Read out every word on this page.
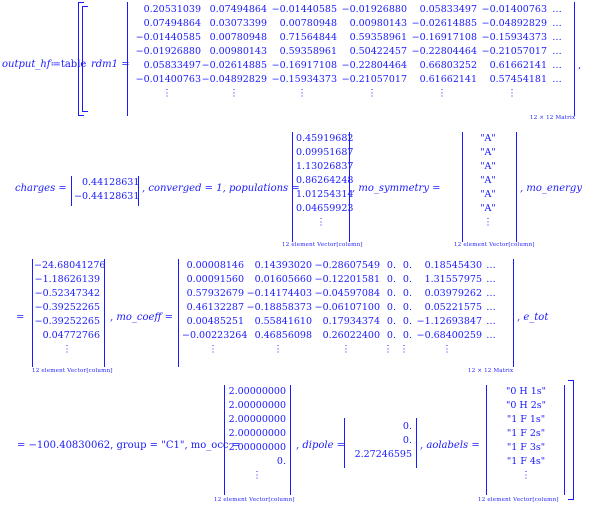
output_hf≔table rdm1 =
0.20531039 0.07494864 −0.01440585 −0.01926880	0.05833497 −0.01400763 …
0.07494864 0.03073399	0.00780948	0.00980143 −0.02614885 −0.04892829 …
−0.01440585 0.00780948	0.71564844	0.59358961 −0.16917108 −0.15934373 …
−0.01926880 0.00980143	0.59358961	0.50422457 −0.22804464 −0.21057017 …
0.05833497 −0.02614885 −0.16917108 −0.22804464	0.66803252	0.61662141 …
−0.01400763 −0.04892829 −0.15934373 −0.21057017	0.61662141	0.57454181 …
⋮	⋮	⋮	⋮	⋮	⋮
12 × 12 Matrix
,
charges =
0.44128631
−0.44128631
, converged = 1, populations =
0.45919682
0.09951687
1.13026837
0.86264248
1.01254314
0.04659923
⋮
12 element Vector[column]
, mo_symmetry =
"A"
"A"
"A"
"A"
"A"
"A"
⋮
12 element Vector[column]
, mo_energy
=
−24.68041276
−1.18626139
−0.52347342
−0.39252265
−0.39252265
0.04772766
⋮
12 element Vector[column]
, mo_coeff =
0.00008146	0.14393020 −0.28607549 0. 0.	0.18545430 …
0.00091560	0.01605660 −0.12201581 0. 0.	1.31557975 …
0.57932679 −0.14174403 −0.04597084 0. 0.	0.03979262 …
0.46132287 −0.18858373 −0.06107100 0. 0.	0.05221575 …
0.00485251	0.55841610	0.17934374 0. 0. −1.12693847 …
−0.00223264 0.46856098	0.26022400 0. 0. −0.68400259 …
⋮	⋮	⋮	⋮ ⋮	⋮
12 × 12 Matrix
, e_tot
= −100.40830062, group = "C1", mo_occ =
2.00000000
2.00000000
2.00000000
2.00000000
2.00000000
0.
⋮
12 element Vector[column]
, dipole =
0.
0.
2.27246595
, aolabels =
"0 H 1s"
"0 H 2s"
"1 F 1s"
"1 F 2s"
"1 F 3s"
"1 F 4s"
⋮
12 element Vector[column]
